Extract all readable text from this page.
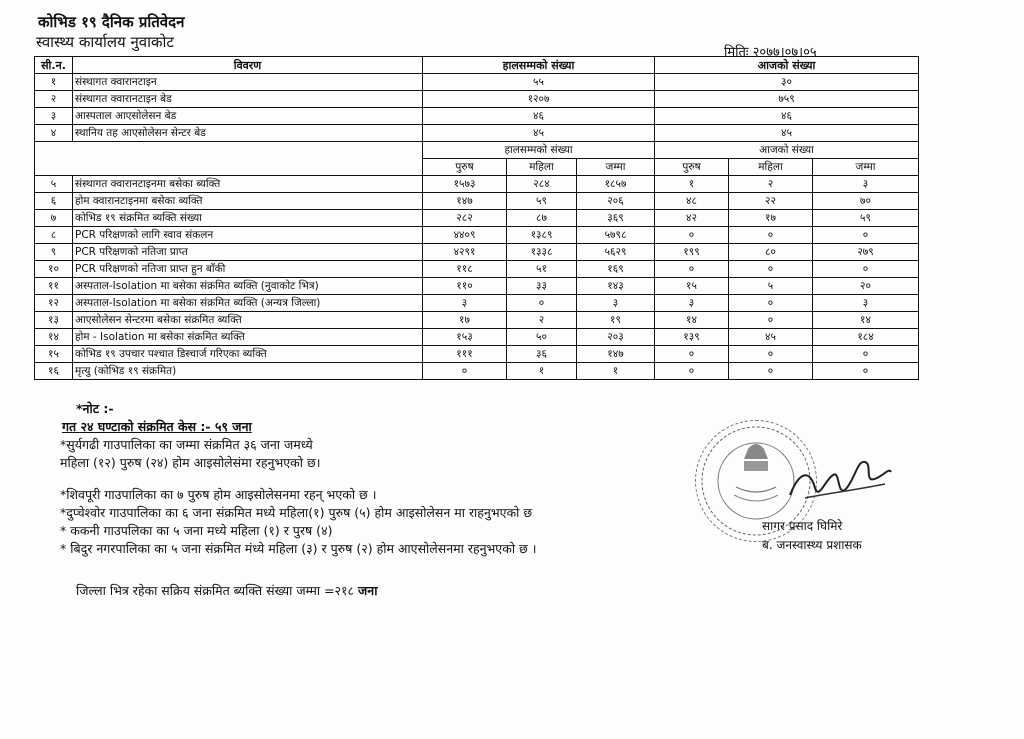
कोभिड १९ दैनिक प्रतिवेदन
स्वास्थ्य कार्यालय नुवाकोट
मितिः २०७७।०७।०५
सी.न.	विवरण	हालसम्मको संख्या			आजको संख्या		
१	संस्थागत क्वारानटाइन	५५			३०		
२	संस्थागत क्वारानटाइन बेड	१२०७			७५९		
३	आस्पताल आएसोलेसन बेड	४६			४६		
४	स्थानिय तह आएसोलेसन सेन्टर बेड	४५			४५		
		हालसम्मको संख्या			आजको संख्या		
		पुरुष	महिला	जम्मा	पुरुष	महिला	जम्मा
५	संस्थागत क्वारानटाइनमा बसेका ब्यक्ति	१५७३	२८४	१८५७	१	२	३
६	होम क्वारानटाइनमा बसेका ब्यक्ति	१४७	५९	२०६	४८	२२	७०
७	कोभिड १९ संक्रमित ब्यक्ति संख्या	२८२	८७	३६९	४२	१७	५९
८	PCR परिक्षणको लागि स्वाव संकलन	४४०९	१३८९	५७९८	०	०	०
९	PCR परिक्षणको नतिजा प्राप्त	४२९१	१३३८	५६२९	१९९	८०	२७९
१०	PCR परिक्षणको नतिजा प्राप्त हुन बाँकी	११८	५१	१६९	०	०	०
११	अस्पताल-Isolation मा बसेका संक्रमित ब्यक्ति (नुवाकोट भित्र)	११०	३३	१४३	१५	५	२०
१२	अस्पताल-Isolation मा बसेका संक्रमित ब्यक्ति (अन्यत्र जिल्ला)	३	०	३	३	०	३
१३	आएसोलेसन सेन्टरमा बसेका संक्रमित ब्यक्ति	१७	२	१९	१४	०	१४
१४	होम - Isolation मा बसेका संक्रमित ब्यक्ति	१५३	५०	२०३	१३९	४५	१८४
१५	कोभिड १९ उपचार पश्चात डिस्चार्ज गरिएका ब्यक्ति	१११	३६	१४७	०	०	०
१६	मृत्यु (कोभिड १९ संक्रमित)	०	१	१	०	०	०
*नोट :-
गत २४ घण्टाको संक्रमित केस :- ५९ जना
*सुर्यगढी गाउपालिका का जम्मा संक्रमित ३६ जना जमध्ये
महिला (१२) पुरुष (२४) होम आइसोलेसंमा रहनुभएको छ।
*शिवपूरी गाउपालिका का ७ पुरुष होम आइसोलेसनमा रहन् भएको छ ।
*दुप्चेश्वोर गाउपालिका का ६ जना संक्रमित मध्ये महिला(१) पुरुष (५) होम आइसोलेसन मा राहनुभएको छ
* ककनी गाउपलिका का ५ जना मध्ये महिला (१) र पुरष (४)
* बिदुर नगरपालिका का ५ जना संक्रमित मंध्ये महिला (३) र पुरुष (२) होम आएसोलेसनमा रहनुभएको छ ।
जिल्ला भित्र रहेका सक्रिय संक्रमित ब्यक्ति संख्या जम्मा =२१८ जना
सागर प्रसाद घिमिरे
ब. जनस्वास्थ्य प्रशासक
